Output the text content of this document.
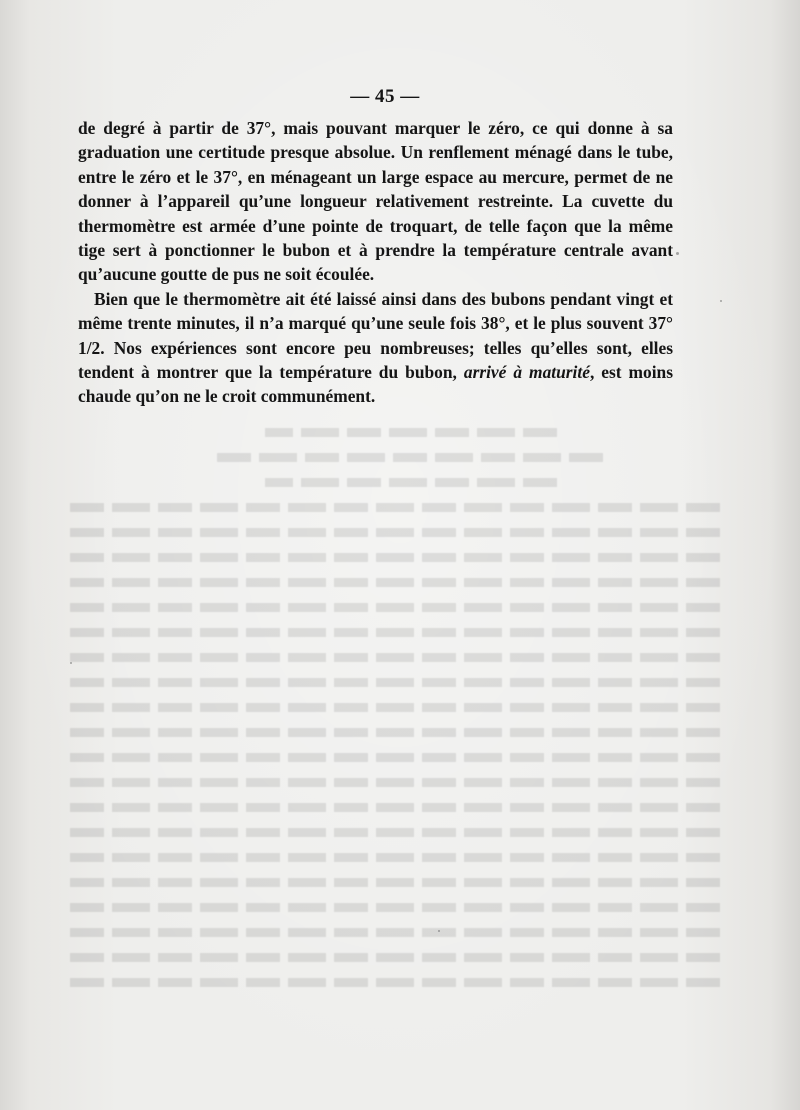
— 45 —

de degré à partir de 37°, mais pouvant marquer le zéro, ce qui donne à sa graduation une certitude presque absolue. Un renflement ménagé dans le tube, entre le zéro et le 37°, en ménageant un large espace au mercure, permet de ne donner à l’appareil qu’une longueur relativement restreinte. La cuvette du thermomètre est armée d’une pointe de troquart, de telle façon que la même tige sert à ponctionner le bubon et à prendre la température centrale avant qu’aucune goutte de pus ne soit écoulée.

Bien que le thermomètre ait été laissé ainsi dans des bubons pendant vingt et même trente minutes, il n’a marqué qu’une seule fois 38°, et le plus souvent 37° 1/2. Nos expériences sont encore peu nombreuses; telles qu’elles sont, elles tendent à montrer que la température du bubon, arrivé à maturité, est moins chaude qu’on ne le croit communément.
